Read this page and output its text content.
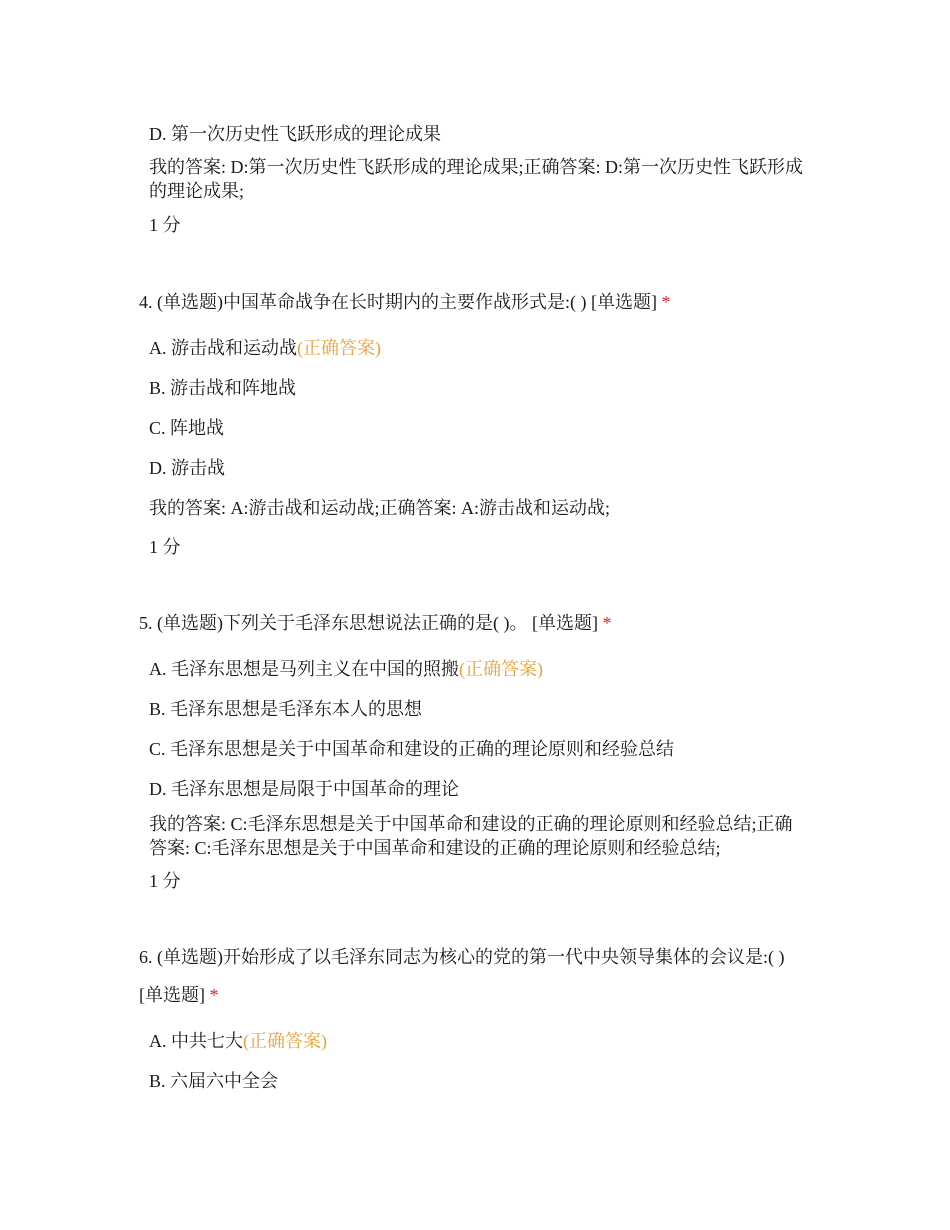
D. 第一次历史性飞跃形成的理论成果
我的答案: D:第一次历史性飞跃形成的理论成果;正确答案: D:第一次历史性飞跃形成的理论成果;
1 分
4. (单选题)中国革命战争在长时期内的主要作战形式是:( ) [单选题] *
A. 游击战和运动战(正确答案)
B. 游击战和阵地战
C. 阵地战
D. 游击战
我的答案: A:游击战和运动战;正确答案: A:游击战和运动战;
1 分
5. (单选题)下列关于毛泽东思想说法正确的是( )。 [单选题] *
A. 毛泽东思想是马列主义在中国的照搬(正确答案)
B. 毛泽东思想是毛泽东本人的思想
C. 毛泽东思想是关于中国革命和建设的正确的理论原则和经验总结
D. 毛泽东思想是局限于中国革命的理论
我的答案: C:毛泽东思想是关于中国革命和建设的正确的理论原则和经验总结;正确答案: C:毛泽东思想是关于中国革命和建设的正确的理论原则和经验总结;
1 分
6. (单选题)开始形成了以毛泽东同志为核心的党的第一代中央领导集体的会议是:( )
[单选题] *
A. 中共七大(正确答案)
B. 六届六中全会
